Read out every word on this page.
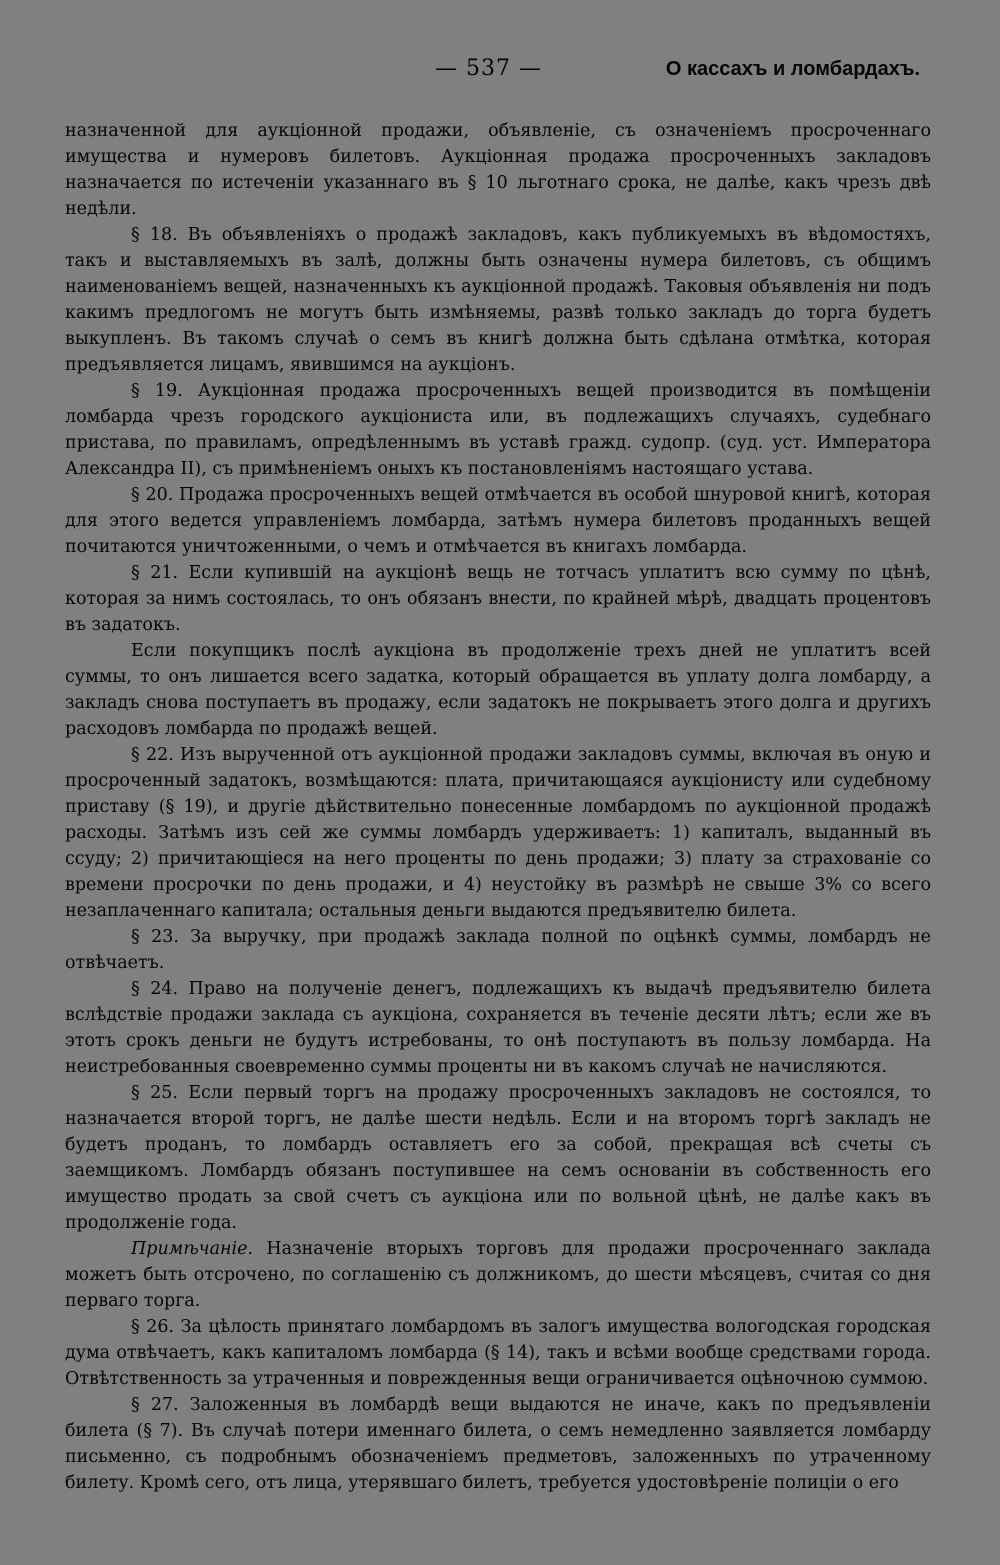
— 537 —	О кассахъ и ломбардахъ.

назначенной для аукціонной продажи, объявленіе, съ означеніемъ просроченнаго имущества и нумеровъ билетовъ. Аукціонная продажа просроченныхъ закладовъ назначается по истеченіи указаннаго въ § 10 льготнаго срока, не далѣе, какъ чрезъ двѣ недѣли.

§ 18. Въ объявленіяхъ о продажѣ закладовъ, какъ публикуемыхъ въ вѣдомостяхъ, такъ и выставляемыхъ въ залѣ, должны быть означены нумера билетовъ, съ общимъ наименованіемъ вещей, назначенныхъ къ аукціонной продажѣ. Таковыя объявленія ни подъ какимъ предлогомъ не могутъ быть измѣняемы, развѣ только закладъ до торга будетъ выкупленъ. Въ такомъ случаѣ о семъ въ книгѣ должна быть сдѣлана отмѣтка, которая предъявляется лицамъ, явившимся на аукціонъ.

§ 19. Аукціонная продажа просроченныхъ вещей производится въ помѣщеніи ломбарда чрезъ городского аукціониста или, въ подлежащихъ случаяхъ, судебнаго пристава, по правиламъ, опредѣленнымъ въ уставѣ гражд. судопр. (суд. уст. Императора Александра II), съ примѣненіемъ оныхъ къ постановленіямъ настоящаго устава.

§ 20. Продажа просроченныхъ вещей отмѣчается въ особой шнуровой книгѣ, которая для этого ведется управленіемъ ломбарда, затѣмъ нумера билетовъ проданныхъ вещей почитаются уничтоженными, о чемъ и отмѣчается въ книгахъ ломбарда.

§ 21. Если купившій на аукціонѣ вещь не тотчасъ уплатитъ всю сумму по цѣнѣ, которая за нимъ состоялась, то онъ обязанъ внести, по крайней мѣрѣ, двадцать процентовъ въ задатокъ.

Если покупщикъ послѣ аукціона въ продолженіе трехъ дней не уплатитъ всей суммы, то онъ лишается всего задатка, который обращается въ уплату долга ломбарду, а закладъ снова поступаетъ въ продажу, если задатокъ не покрываетъ этого долга и другихъ расходовъ ломбарда по продажѣ вещей.

§ 22. Изъ вырученной отъ аукціонной продажи закладовъ суммы, включая въ оную и просроченный задатокъ, возмѣщаются: плата, причитающаяся аукціонисту или судебному приставу (§ 19), и другіе дѣйствительно понесенные ломбардомъ по аукціонной продажѣ расходы. Затѣмъ изъ сей же суммы ломбардъ удерживаетъ: 1) капиталъ, выданный въ ссуду; 2) причитающіеся на него проценты по день продажи; 3) плату за страхованіе со времени просрочки по день продажи, и 4) неустойку въ размѣрѣ не свыше 3% со всего незаплаченнаго капитала; остальныя деньги выдаются предъявителю билета.

§ 23. За выручку, при продажѣ заклада полной по оцѣнкѣ суммы, ломбардъ не отвѣчаетъ.

§ 24. Право на полученіе денегъ, подлежащихъ къ выдачѣ предъявителю билета вслѣдствіе продажи заклада съ аукціона, сохраняется въ теченіе десяти лѣтъ; если же въ этотъ срокъ деньги не будутъ истребованы, то онѣ поступаютъ въ пользу ломбарда. На неистребованныя своевременно суммы проценты ни въ какомъ случаѣ не начисляются.

§ 25. Если первый торгъ на продажу просроченныхъ закладовъ не состоялся, то назначается второй торгъ, не далѣе шести недѣль. Если и на второмъ торгѣ закладъ не будетъ проданъ, то ломбардъ оставляетъ его за собой, прекращая всѣ счеты съ заемщикомъ. Ломбардъ обязанъ поступившее на семъ основаніи въ собственность его имущество продать за свой счетъ съ аукціона или по вольной цѣнѣ, не далѣе какъ въ продолженіе года.

Примѣчаніе. Назначеніе вторыхъ торговъ для продажи просроченнаго заклада можетъ быть отсрочено, по соглашенію съ должникомъ, до шести мѣсяцевъ, считая со дня перваго торга.

§ 26. За цѣлость принятаго ломбардомъ въ залогъ имущества вологодская городская дума отвѣчаетъ, какъ капиталомъ ломбарда (§ 14), такъ и всѣми вообще средствами города. Отвѣтственность за утраченныя и поврежденныя вещи ограничивается оцѣночною суммою.

§ 27. Заложенныя въ ломбардѣ вещи выдаются не иначе, какъ по предъявленіи билета (§ 7). Въ случаѣ потери именнаго билета, о семъ немедленно заявляется ломбарду письменно, съ подробнымъ обозначеніемъ предметовъ, заложенныхъ по утраченному билету. Кромѣ сего, отъ лица, утерявшаго билетъ, требуется удостовѣреніе полиціи о его
